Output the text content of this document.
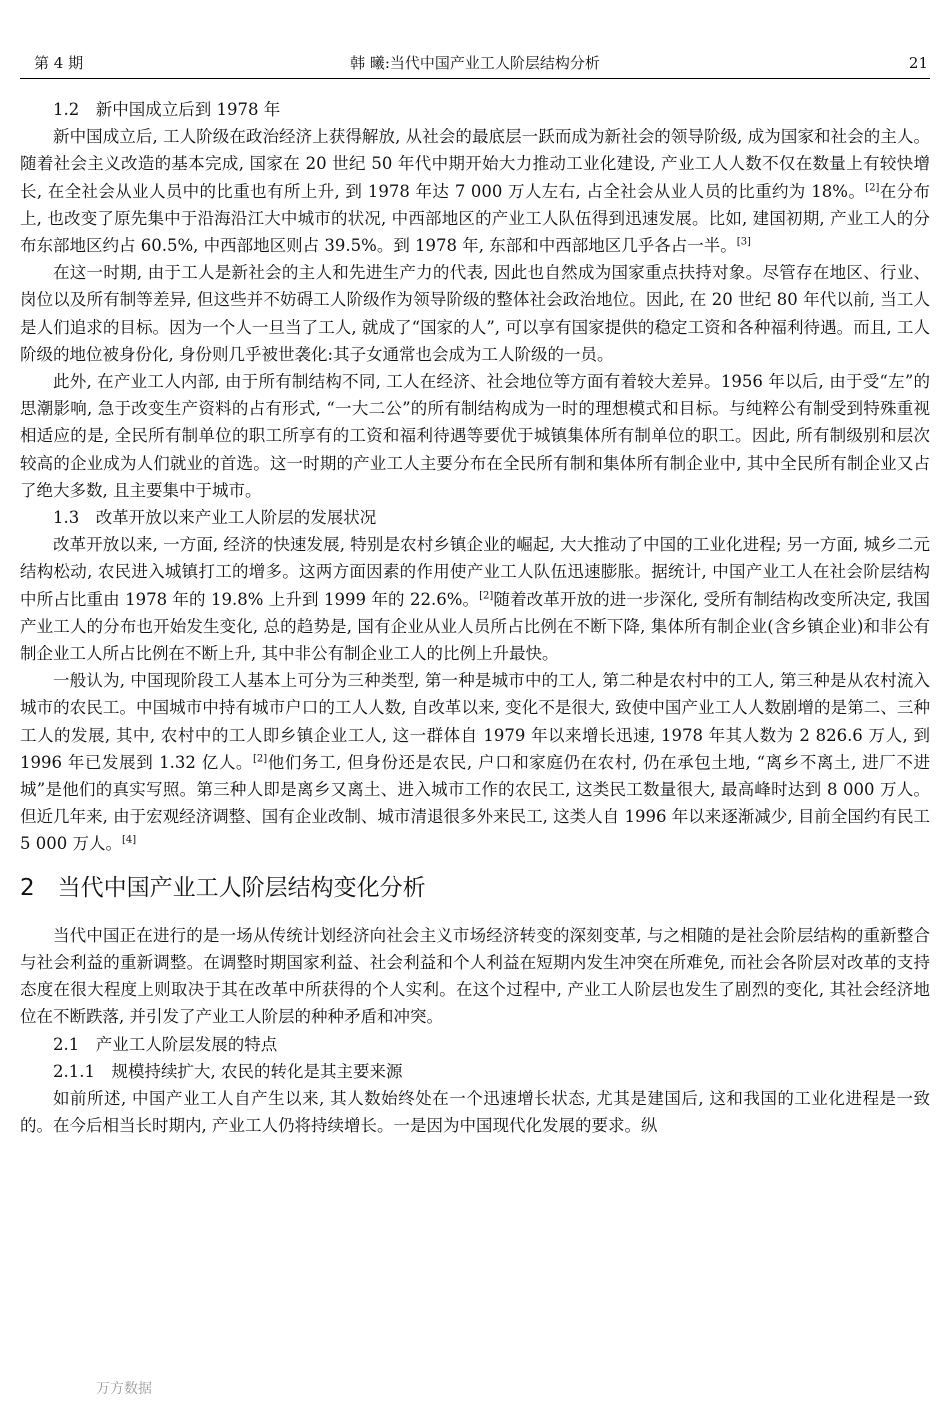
第 4 期	韩 曦:当代中国产业工人阶层结构分析	21

1.2　新中国成立后到 1978 年

新中国成立后, 工人阶级在政治经济上获得解放, 从社会的最底层一跃而成为新社会的领导阶级, 成为国家和社会的主人。随着社会主义改造的基本完成, 国家在 20 世纪 50 年代中期开始大力推动工业化建设, 产业工人人数不仅在数量上有较快增长, 在全社会从业人员中的比重也有所上升, 到 1978 年达 7 000 万人左右, 占全社会从业人员的比重约为 18%。[2]在分布上, 也改变了原先集中于沿海沿江大中城市的状况, 中西部地区的产业工人队伍得到迅速发展。比如, 建国初期, 产业工人的分布东部地区约占 60.5%, 中西部地区则占 39.5%。到 1978 年, 东部和中西部地区几乎各占一半。[3]

在这一时期, 由于工人是新社会的主人和先进生产力的代表, 因此也自然成为国家重点扶持对象。尽管存在地区、行业、岗位以及所有制等差异, 但这些并不妨碍工人阶级作为领导阶级的整体社会政治地位。因此, 在 20 世纪 80 年代以前, 当工人是人们追求的目标。因为一个人一旦当了工人, 就成了“国家的人”, 可以享有国家提供的稳定工资和各种福利待遇。而且, 工人阶级的地位被身份化, 身份则几乎被世袭化:其子女通常也会成为工人阶级的一员。

此外, 在产业工人内部, 由于所有制结构不同, 工人在经济、社会地位等方面有着较大差异。1956 年以后, 由于受“左”的思潮影响, 急于改变生产资料的占有形式, “一大二公”的所有制结构成为一时的理想模式和目标。与纯粹公有制受到特殊重视相适应的是, 全民所有制单位的职工所享有的工资和福利待遇等要优于城镇集体所有制单位的职工。因此, 所有制级别和层次较高的企业成为人们就业的首选。这一时期的产业工人主要分布在全民所有制和集体所有制企业中, 其中全民所有制企业又占了绝大多数, 且主要集中于城市。

1.3　改革开放以来产业工人阶层的发展状况

改革开放以来, 一方面, 经济的快速发展, 特别是农村乡镇企业的崛起, 大大推动了中国的工业化进程; 另一方面, 城乡二元结构松动, 农民进入城镇打工的增多。这两方面因素的作用使产业工人队伍迅速膨胀。据统计, 中国产业工人在社会阶层结构中所占比重由 1978 年的 19.8% 上升到 1999 年的 22.6%。[2]随着改革开放的进一步深化, 受所有制结构改变所决定, 我国产业工人的分布也开始发生变化, 总的趋势是, 国有企业从业人员所占比例在不断下降, 集体所有制企业(含乡镇企业)和非公有制企业工人所占比例在不断上升, 其中非公有制企业工人的比例上升最快。

一般认为, 中国现阶段工人基本上可分为三种类型, 第一种是城市中的工人, 第二种是农村中的工人, 第三种是从农村流入城市的农民工。中国城市中持有城市户口的工人人数, 自改革以来, 变化不是很大, 致使中国产业工人人数剧增的是第二、三种工人的发展, 其中, 农村中的工人即乡镇企业工人, 这一群体自 1979 年以来增长迅速, 1978 年其人数为 2 826.6 万人, 到 1996 年已发展到 1.32 亿人。[2]他们务工, 但身份还是农民, 户口和家庭仍在农村, 仍在承包土地, “离乡不离土, 进厂不进城”是他们的真实写照。第三种人即是离乡又离土、进入城市工作的农民工, 这类民工数量很大, 最高峰时达到 8 000 万人。但近几年来, 由于宏观经济调整、国有企业改制、城市清退很多外来民工, 这类人自 1996 年以来逐渐减少, 目前全国约有民工 5 000 万人。[4]

2　当代中国产业工人阶层结构变化分析

当代中国正在进行的是一场从传统计划经济向社会主义市场经济转变的深刻变革, 与之相随的是社会阶层结构的重新整合与社会利益的重新调整。在调整时期国家利益、社会利益和个人利益在短期内发生冲突在所难免, 而社会各阶层对改革的支持态度在很大程度上则取决于其在改革中所获得的个人实利。在这个过程中, 产业工人阶层也发生了剧烈的变化, 其社会经济地位在不断跌落, 并引发了产业工人阶层的种种矛盾和冲突。

2.1　产业工人阶层发展的特点

2.1.1　规模持续扩大, 农民的转化是其主要来源

如前所述, 中国产业工人自产生以来, 其人数始终处在一个迅速增长状态, 尤其是建国后, 这和我国的工业化进程是一致的。在今后相当长时期内, 产业工人仍将持续增长。一是因为中国现代化发展的要求。纵

万方数据
